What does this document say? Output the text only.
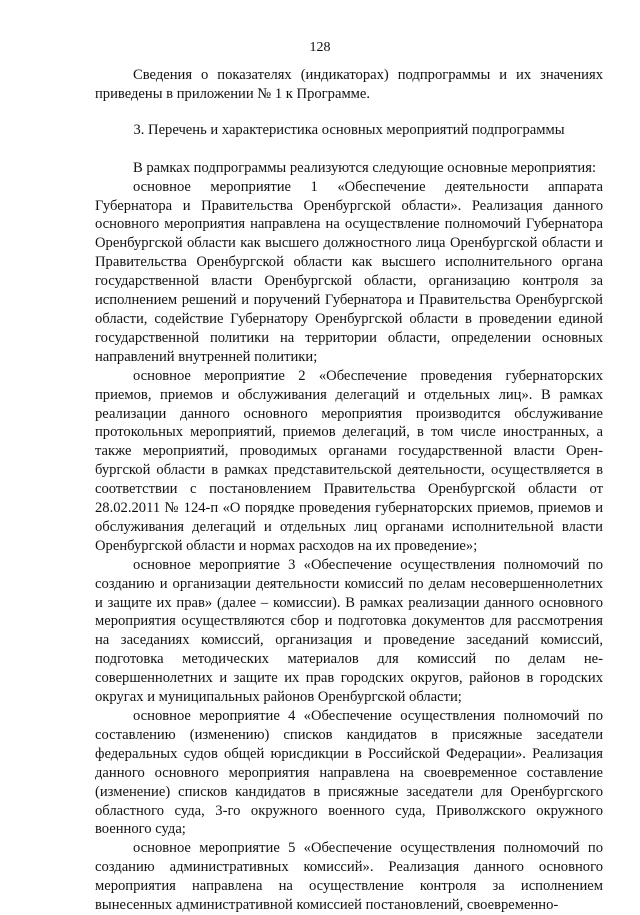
128

Сведения о показателях (индикаторах) подпрограммы и их значениях приведены в приложении № 1 к Программе.

3. Перечень и характеристика основных мероприятий подпрограммы

В рамках подпрограммы реализуются следующие основные мероприятия:

основное мероприятие 1 «Обеспечение деятельности аппарата Губернатора и Правительства Оренбургской области». Реализация данного основного мероприятия направлена на осуществление полномочий Губернатора Оренбургской области как высшего должностного лица Оренбургской области и Правительства Оренбургской области как высшего исполнительного органа государственной власти Оренбургской области, организацию контроля за исполнением решений и поручений Губернатора и Правительства Оренбургской области, содействие Губернатору Оренбургской области в проведении единой государственной политики на территории области, определении основных направлений внутренней политики;

основное мероприятие 2 «Обеспечение проведения губернаторских приемов, приемов и обслуживания делегаций и отдельных лиц». В рамках реализации данного основного мероприятия производится обслуживание протокольных мероприятий, приемов делегаций, в том числе иностранных, а также мероприятий, проводимых органами государственной власти Оренбургской области в рамках представительской деятельности, осуществляется в соответствии с постановлением Правительства Оренбургской области от 28.02.2011 № 124-п «О порядке проведения губернаторских приемов, приемов и обслуживания делегаций и отдельных лиц органами исполнительной власти Оренбургской области и нормах расходов на их проведение»;

основное мероприятие 3 «Обеспечение осуществления полномочий по созданию и организации деятельности комиссий по делам несовершеннолетних и защите их прав» (далее – комиссии). В рамках реализации данного основного мероприятия осуществляются сбор и подготовка документов для рассмотрения на заседаниях комиссий, организация и проведение заседаний комиссий, подготовка методических материалов для комиссий по делам несовершеннолетних и защите их прав городских округов, районов в городских округах и муниципальных районов Оренбургской области;

основное мероприятие 4 «Обеспечение осуществления полномочий по составлению (изменению) списков кандидатов в присяжные заседатели федеральных судов общей юрисдикции в Российской Федерации». Реализация данного основного мероприятия направлена на своевременное составление (изменение) списков кандидатов в присяжные заседатели для Оренбургского областного суда, 3-го окружного военного суда, Приволжского окружного военного суда;

основное мероприятие 5 «Обеспечение осуществления полномочий по созданию административных комиссий». Реализация данного основного мероприятия направлена на осуществление контроля за исполнением вынесенных административной комиссией постановлений, своевременно-
